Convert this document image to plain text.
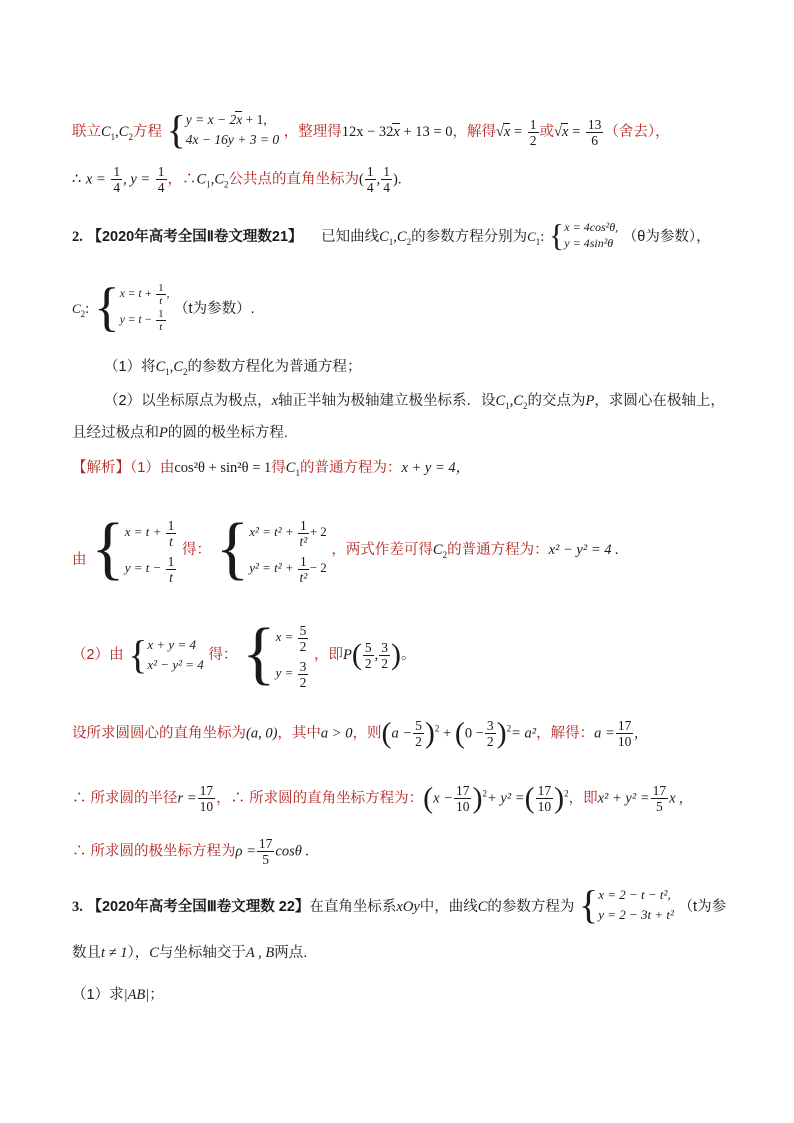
联立$C_1,C_2$方程 { y = x − 2x + 1,
4x − 16y + 3 = 0 ，整理得12x − 32x + 13 = 0，解得$√x = \frac{1}{2}$ 或$√x = \frac{13}{6}$ （舍去），
∴ $x = \frac{1}{4}$ , $y = \frac{1}{4}$ ，$\therefore C_1,C_2$公共点的直角坐标为( $\frac{1}{4}$ , $\frac{1}{4}$ ).
2. 【2020年高考全国Ⅱ卷文理数21】 已知曲线$C_1,C_2$的参数方程分别为$C_1$: { x = 4cos²θ,
y = 4sin²θ （θ为参数），
$C_2$: { $x = t + \frac{1}{t}$ ,
$y = t - \frac{1}{t} (t$为参数）.
（1）将$C_1,C_2$的参数方程化为普通方程；
（2）以坐标原点为极点，x轴正半轴为极轴建立极坐标系．设$C_1,C_2$的交点为P，求圆心在极轴上，
且经过极点和P的圆的极坐标方程.
【解析】（1）由cos²θ + sin²θ = 1得$C_1$的普通方程为：x + y = 4，
由 { $x = t + \frac{1}{t}$
$y = t - \frac{1}{t}$
得： { $x^2 = t^2 + \frac{1}{\text{t²}} + 2$
$y^2 = t^2 + \frac{1}{\text{t²}} - 2$
，两式作差可得$C_2$的普通方程为：x² − y² = 4 .
（2）由 { x + y = 4
x² − y² = 4
得： { $x = \frac{5}{2}$
$y = \frac{3}{2}$
，即$P( \frac{5}{2}$ , $\frac{3}{2}$ )。
设所求圆圆心的直角坐标为(a, 0)，其中a > 0，则$(a - \frac{5}{2} )^2 + (0 - \frac{3}{2} )^2= a^2$，解得：$a = \frac{17}{10}$ ,
∴ 所求圆的半径$r = \frac{17}{10}$ ，∴ 所求圆的直角坐标方程为：$(x - \frac{17}{10} )^2+ y^2$ =( $\frac{17}{10} )^2$，即$x^2 + y^2 = \frac{17}{5}$ x ,
∴ 所求圆的极坐标方程为$\rho = \frac{17}{5}$ cosθ .
3. 【2020年高考全国Ⅲ卷文理数 22】在直角坐标系xOy中，曲线C的参数方程为 { x = 2 − t − t²,
y = 2 − 3t + t² （t为参
数且t ≠ 1），C与坐标轴交于A , B两点.
（1）求|AB|；
